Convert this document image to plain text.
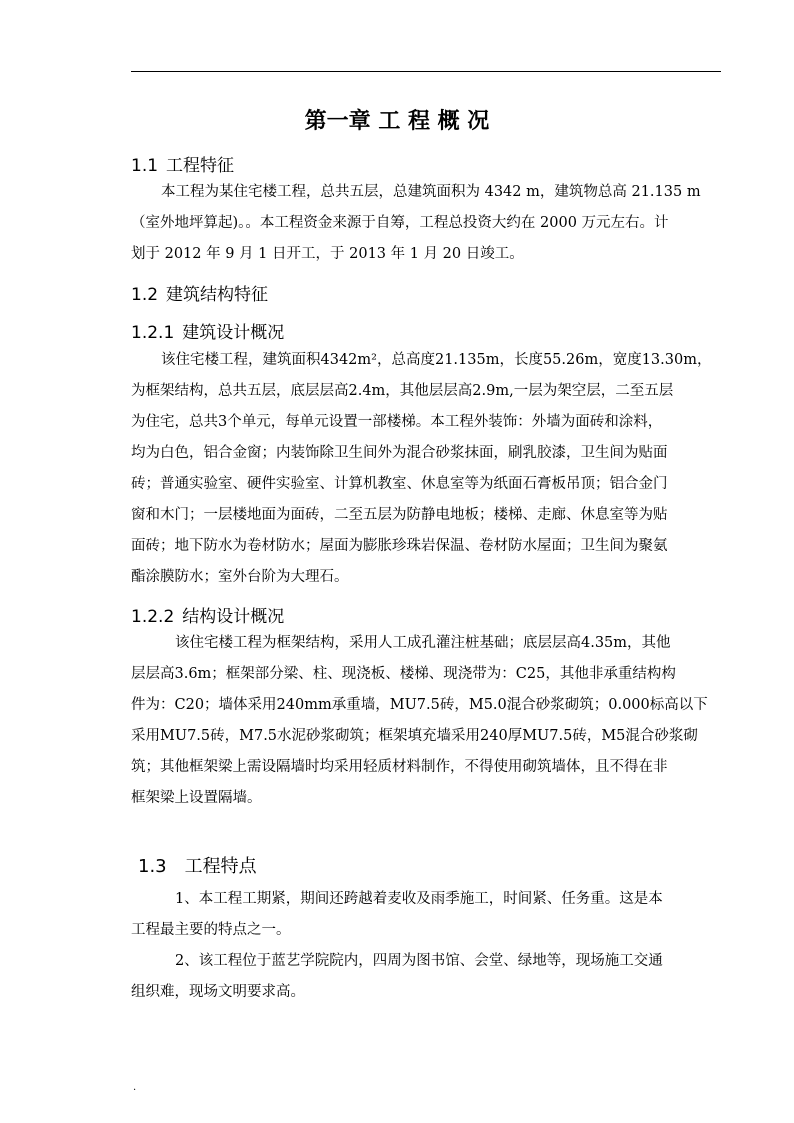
第一章 工 程 概 况
1.1 工程特征
本工程为某住宅楼工程，总共五层，总建筑面积为 4342 m，建筑物总高 21.135 m
（室外地坪算起)。。本工程资金来源于自筹，工程总投资大约在 2000 万元左右。计
划于 2012 年 9 月 1 日开工，于 2013 年 1 月 20 日竣工。
1.2 建筑结构特征
1.2.1 建筑设计概况
该住宅楼工程，建筑面积4342m²，总高度21.135m，长度55.26m，宽度13.30m，
为框架结构，总共五层，底层层高2.4m，其他层层高2.9m,一层为架空层，二至五层
为住宅，总共3个单元，每单元设置一部楼梯。本工程外装饰：外墙为面砖和涂料，
均为白色，铝合金窗；内装饰除卫生间外为混合砂浆抹面，刷乳胶漆，卫生间为贴面
砖；普通实验室、硬件实验室、计算机教室、休息室等为纸面石膏板吊顶；铝合金门
窗和木门；一层楼地面为面砖，二至五层为防静电地板；楼梯、走廊、休息室等为贴
面砖；地下防水为卷材防水；屋面为膨胀珍珠岩保温、卷材防水屋面；卫生间为聚氨
酯涂膜防水；室外台阶为大理石。
1.2.2 结构设计概况
该住宅楼工程为框架结构，采用人工成孔灌注桩基础；底层层高4.35m，其他
层层高3.6m；框架部分梁、柱、现浇板、楼梯、现浇带为：C25，其他非承重结构构
件为：C20；墙体采用240mm承重墙，MU7.5砖，M5.0混合砂浆砌筑；0.000标高以下
采用MU7.5砖，M7.5水泥砂浆砌筑；框架填充墙采用240厚MU7.5砖，M5混合砂浆砌
筑；其他框架梁上需设隔墙时均采用轻质材料制作，不得使用砌筑墙体，且不得在非
框架梁上设置隔墙。
1.3 工程特点
1、本工程工期紧，期间还跨越着麦收及雨季施工，时间紧、任务重。这是本
工程最主要的特点之一。
2、该工程位于蓝艺学院院内，四周为图书馆、会堂、绿地等，现场施工交通
组织难，现场文明要求高。
.
